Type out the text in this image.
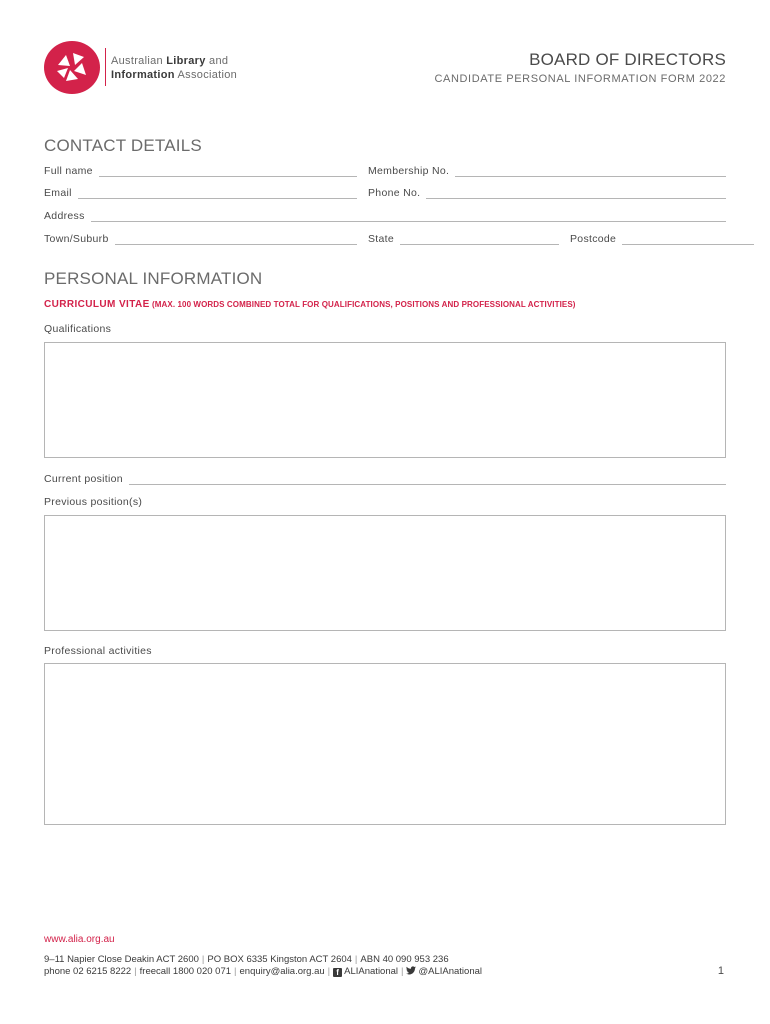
Australian Library and
Information Association
BOARD OF DIRECTORS
CANDIDATE PERSONAL INFORMATION FORM 2022
CONTACT DETAILS
Full name	Membership No.
Email	Phone No.
Address
Town/Suburb	State	Postcode
PERSONAL INFORMATION
CURRICULUM VITAE (MAX. 100 WORDS COMBINED TOTAL FOR QUALIFICATIONS, POSITIONS AND PROFESSIONAL ACTIVITIES)
Qualifications
Current position
Previous position(s)
Professional activities
www.alia.org.au
9–11 Napier Close Deakin ACT 2600 | PO BOX 6335 Kingston ACT 2604 | ABN 40 090 953 236
phone 02 6215 8222 | freecall 1800 020 071 | enquiry@alia.org.au | f ALIAnational | @ALIAnational	1
